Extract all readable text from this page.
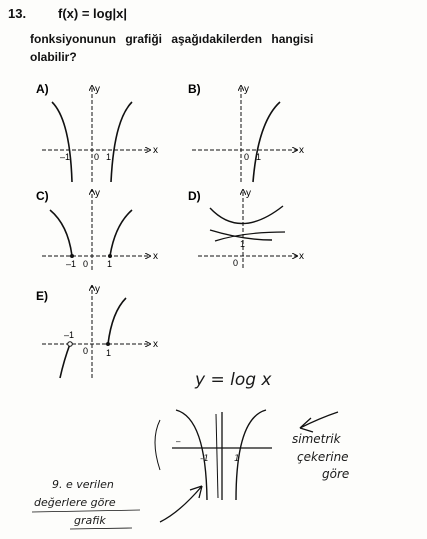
13. f(x) = log|x|
fonksiyonunun grafiği aşağıdakilerden hangisi
olabilir?
A)
x
y
–1	0 1
B)
x
y
0 1
C)
x
y
–1 0 1
D)
x
y
1
0
E)
x
y
–1
0 1
y = log x
–
-1	1
simetrik
çekerine
göre
9. e verilen
değerlere göre
grafik
